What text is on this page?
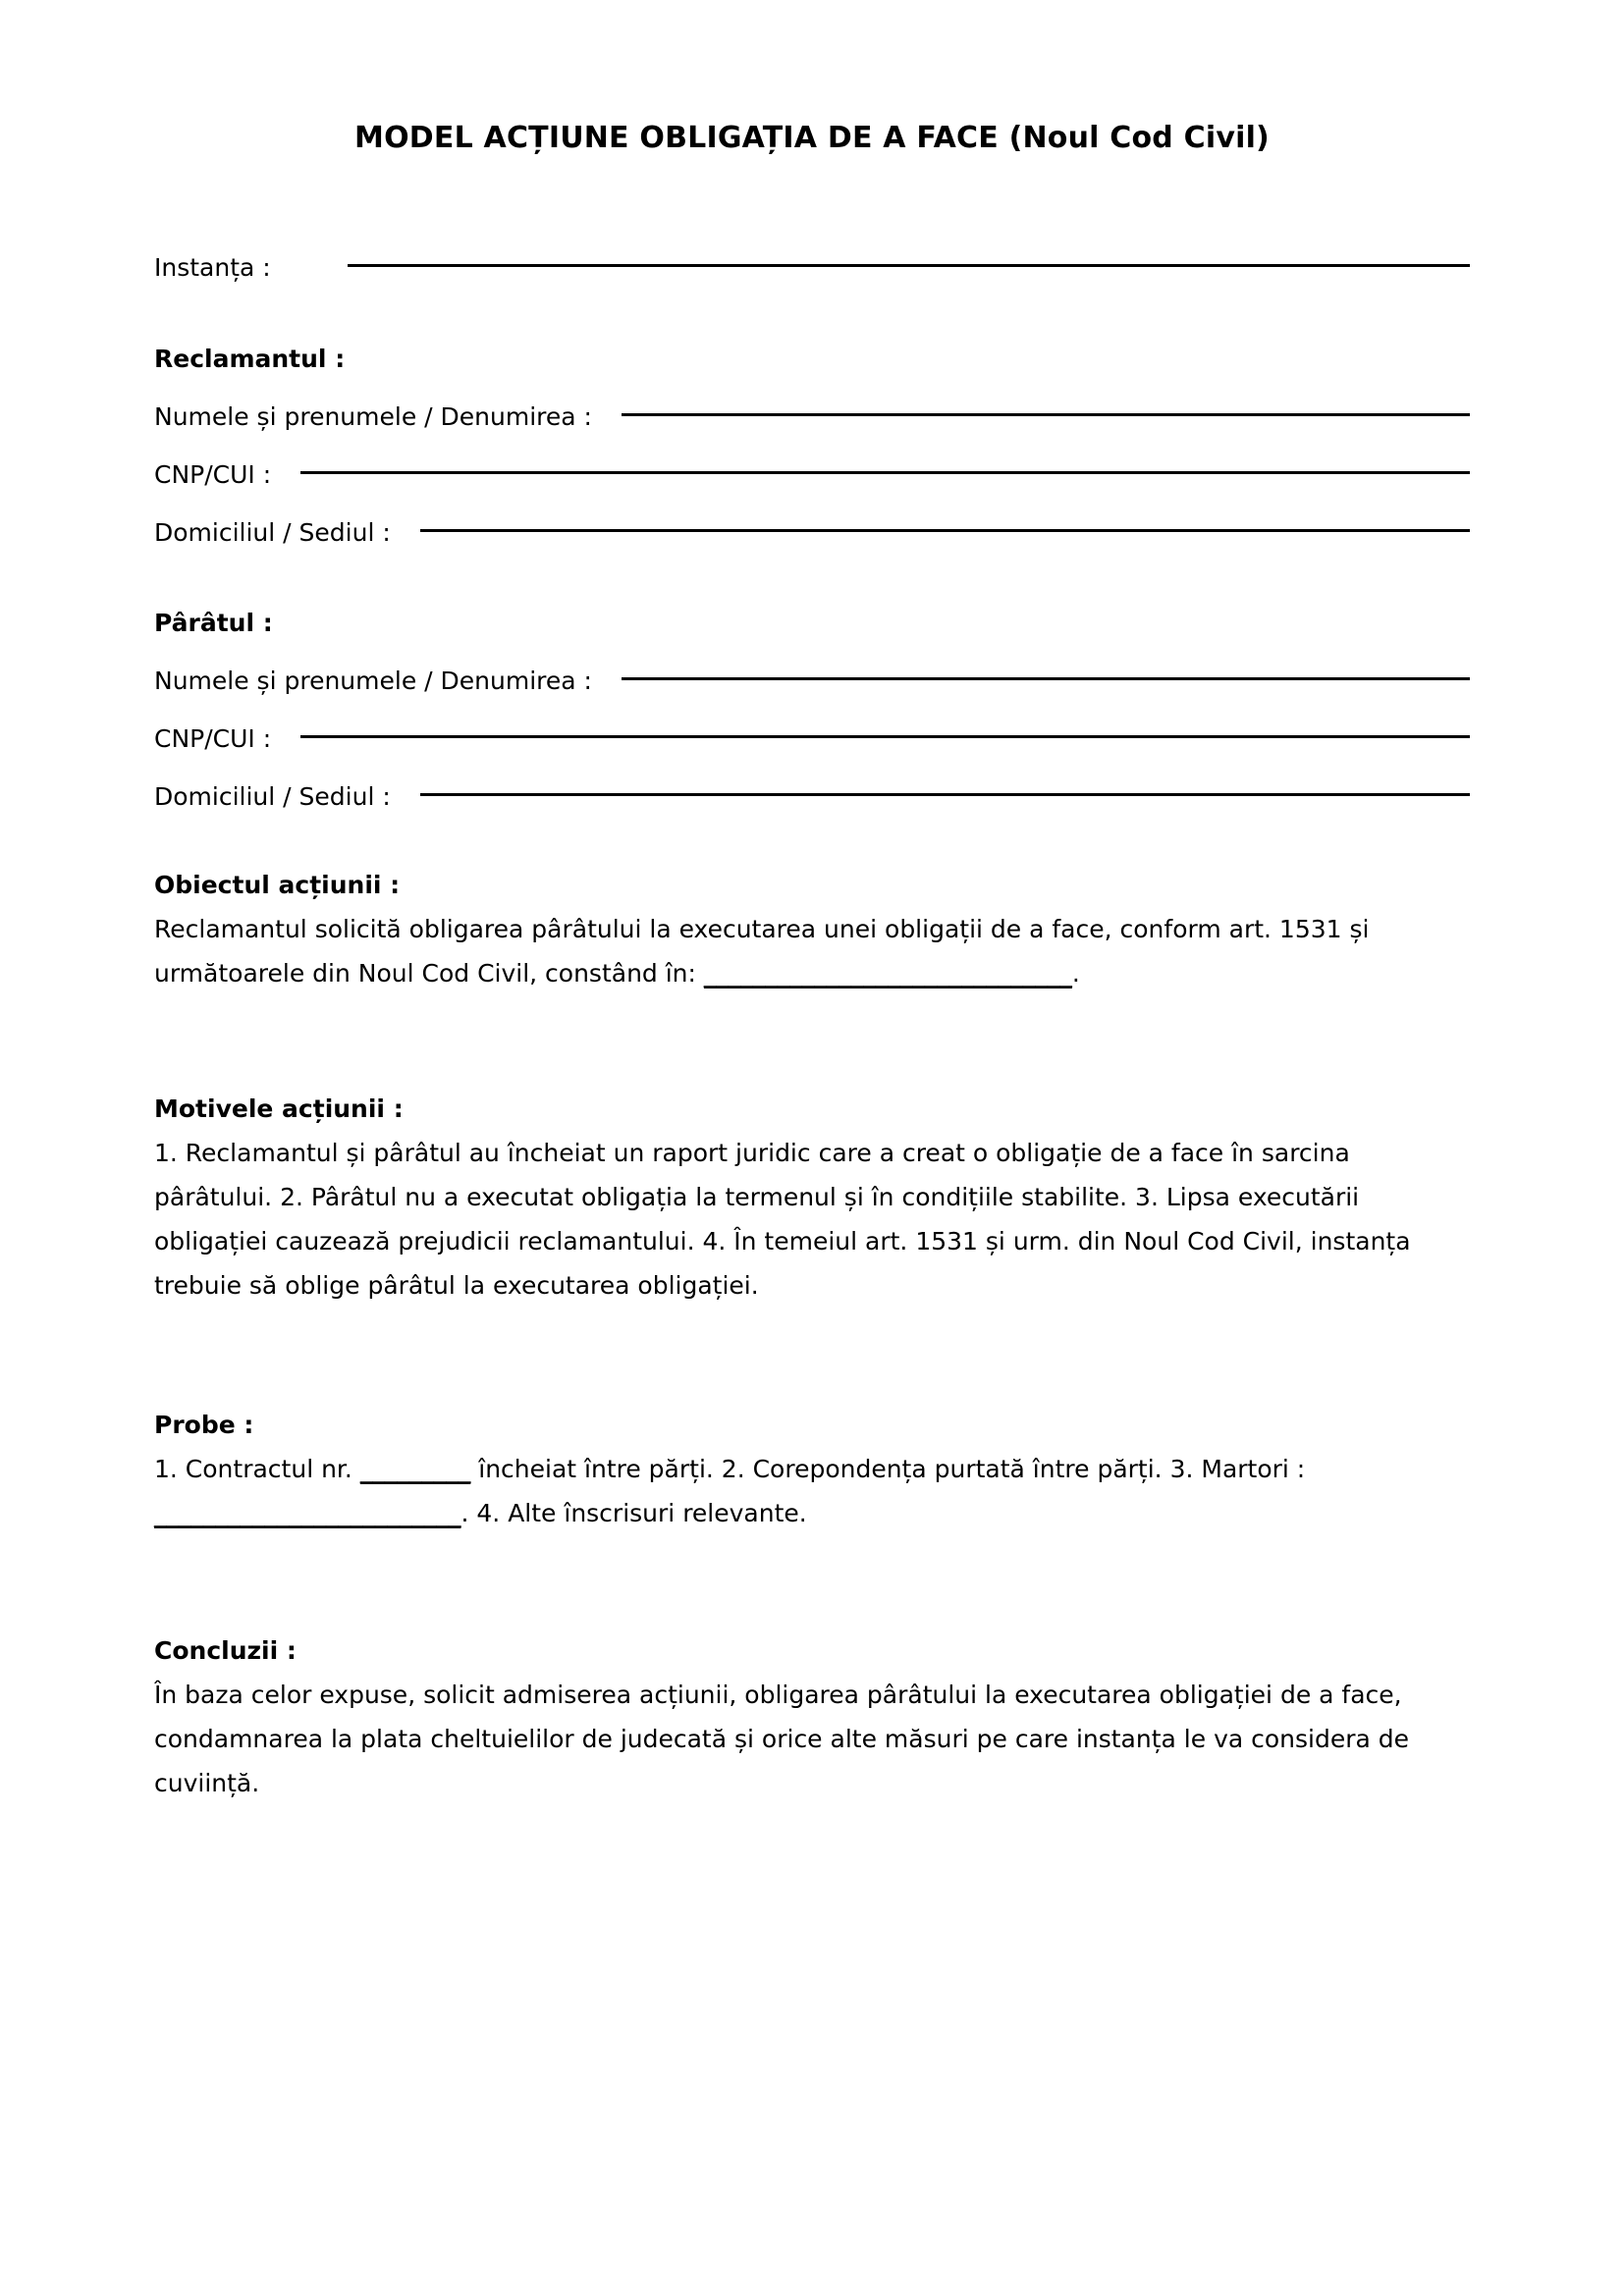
MODEL ACȚIUNE OBLIGAȚIA DE A FACE (Noul Cod Civil)
Instanța :
Reclamantul :
Numele și prenumele / Denumirea :
CNP/CUI :
Domiciliul / Sediul :
Pârâtul :
Numele și prenumele / Denumirea :
CNP/CUI :
Domiciliul / Sediul :
Obiectul acțiunii :

Reclamantul solicită obligarea pârâtului la executarea unei obligații de a face, conform art. 1531 și următoarele din Noul Cod Civil, constând în: ______________________________.

Motivele acțiunii :

1. Reclamantul și pârâtul au încheiat un raport juridic care a creat o obligație de a face în sarcina pârâtului. 2. Pârâtul nu a executat obligația la termenul și în condițiile stabilite. 3. Lipsa executării obligației cauzează prejudicii reclamantului. 4. În temeiul art. 1531 și urm. din Noul Cod Civil, instanța trebuie să oblige pârâtul la executarea obligației.

Probe :

1. Contractul nr. _________ încheiat între părți. 2. Corepondența purtată între părți. 3. Martori : _________________________. 4. Alte înscrisuri relevante.

Concluzii :

În baza celor expuse, solicit admiserea acțiunii, obligarea pârâtului la executarea obligației de a face, condamnarea la plata cheltuielilor de judecată și orice alte măsuri pe care instanța le va considera de cuviință.
